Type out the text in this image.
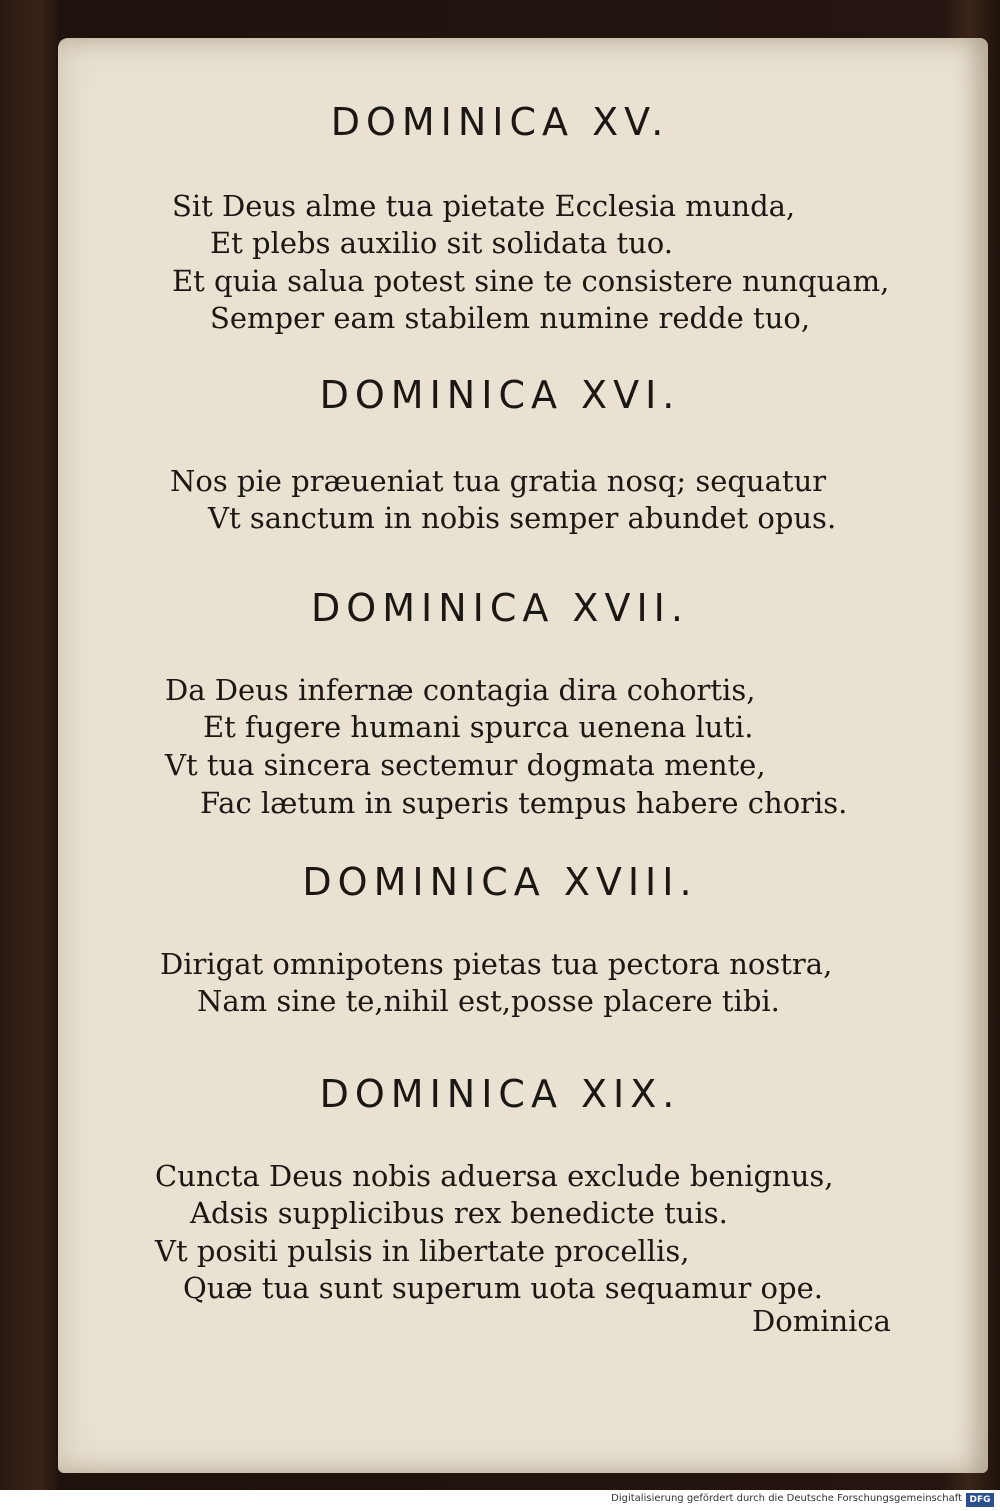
DOMINICA XV.
Sit Deus alme tua pietate Ecclesia munda,
Et plebs auxilio sit solidata tuo.
Et quia salua potest sine te consistere nunquam,
Semper eam stabilem numine redde tuo,
DOMINICA XVI.
Nos pie præueniat tua gratia nosq; sequatur
Vt sanctum in nobis semper abundet opus.
DOMINICA XVII.
Da Deus infernæ contagia dira cohortis,
Et fugere humani spurca uenena luti.
Vt tua sincera sectemur dogmata mente,
Fac lætum in superis tempus habere choris.
DOMINICA XVIII.
Dirigat omnipotens pietas tua pectora nostra,
Nam sine te,nihil est,posse placere tibi.
DOMINICA XIX.
Cuncta Deus nobis aduersa exclude benignus,
Adsis supplicibus rex benedicte tuis.
Vt positi pulsis in libertate procellis,
Quæ tua sunt superum uota sequamur ope.
Dominica
Digitalisierung gefördert durch die Deutsche Forschungsgemeinschaft DFG
